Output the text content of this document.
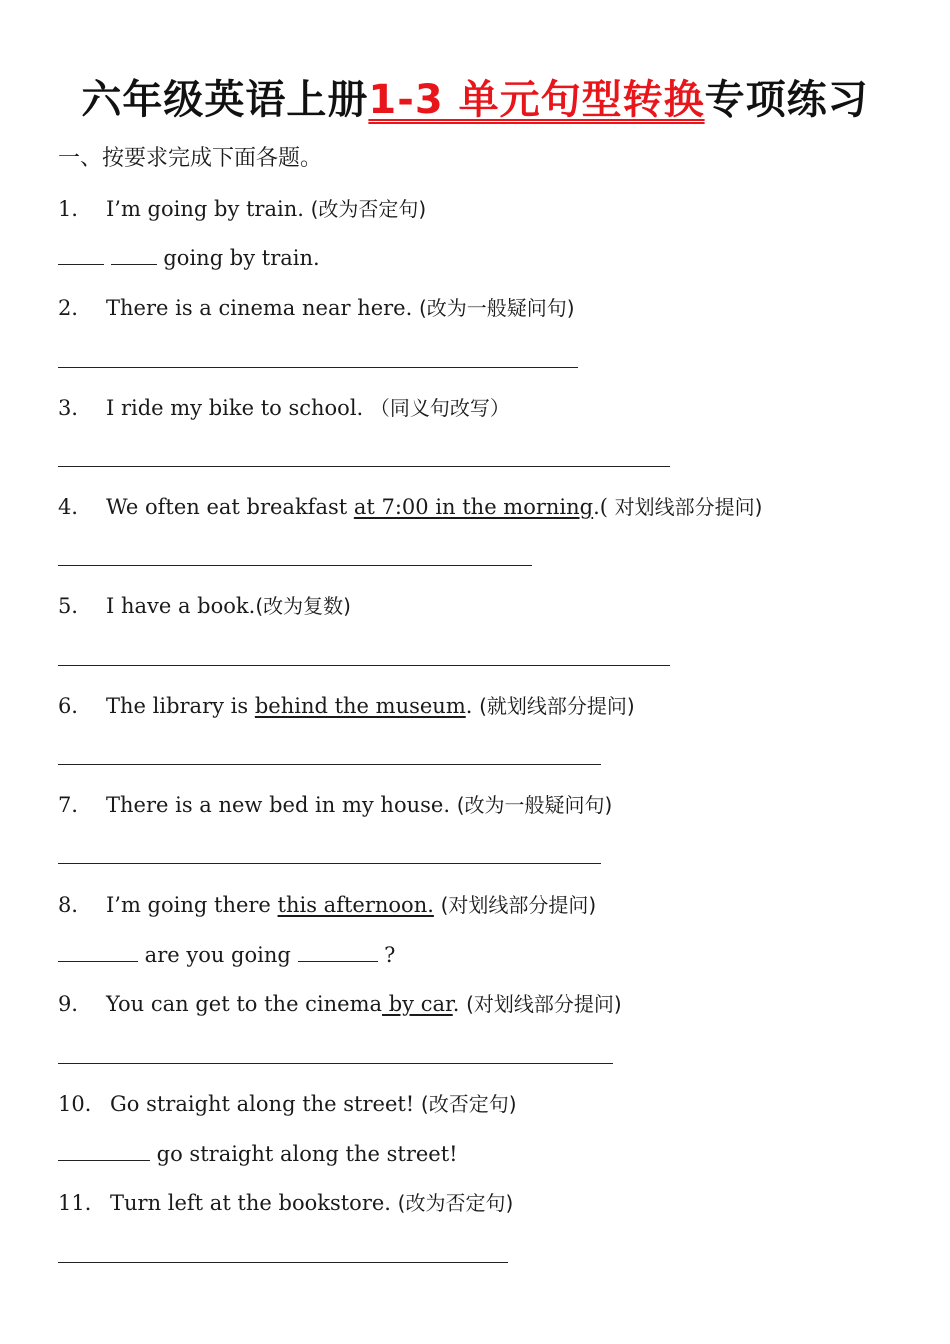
六年级英语上册1-3 单元句型转换专项练习
一、按要求完成下面各题。
1． I’m going by train. (改为否定句)
going by train.
2． There is a cinema near here. (改为一般疑问句)
3． I ride my bike to school. （同义句改写）
4． We often eat breakfast at 7:00 in the morning.( 对划线部分提问)
5． I have a book.(改为复数)
6． The library is behind the museum. (就划线部分提问)
7． There is a new bed in my house. (改为一般疑问句)
8． I’m going there this afternoon. (对划线部分提问)
are you going	?
9． You can get to the cinema by car. (对划线部分提问)
10． Go straight along the street! (改否定句)
go straight along the street!
11． Turn left at the bookstore. (改为否定句)
